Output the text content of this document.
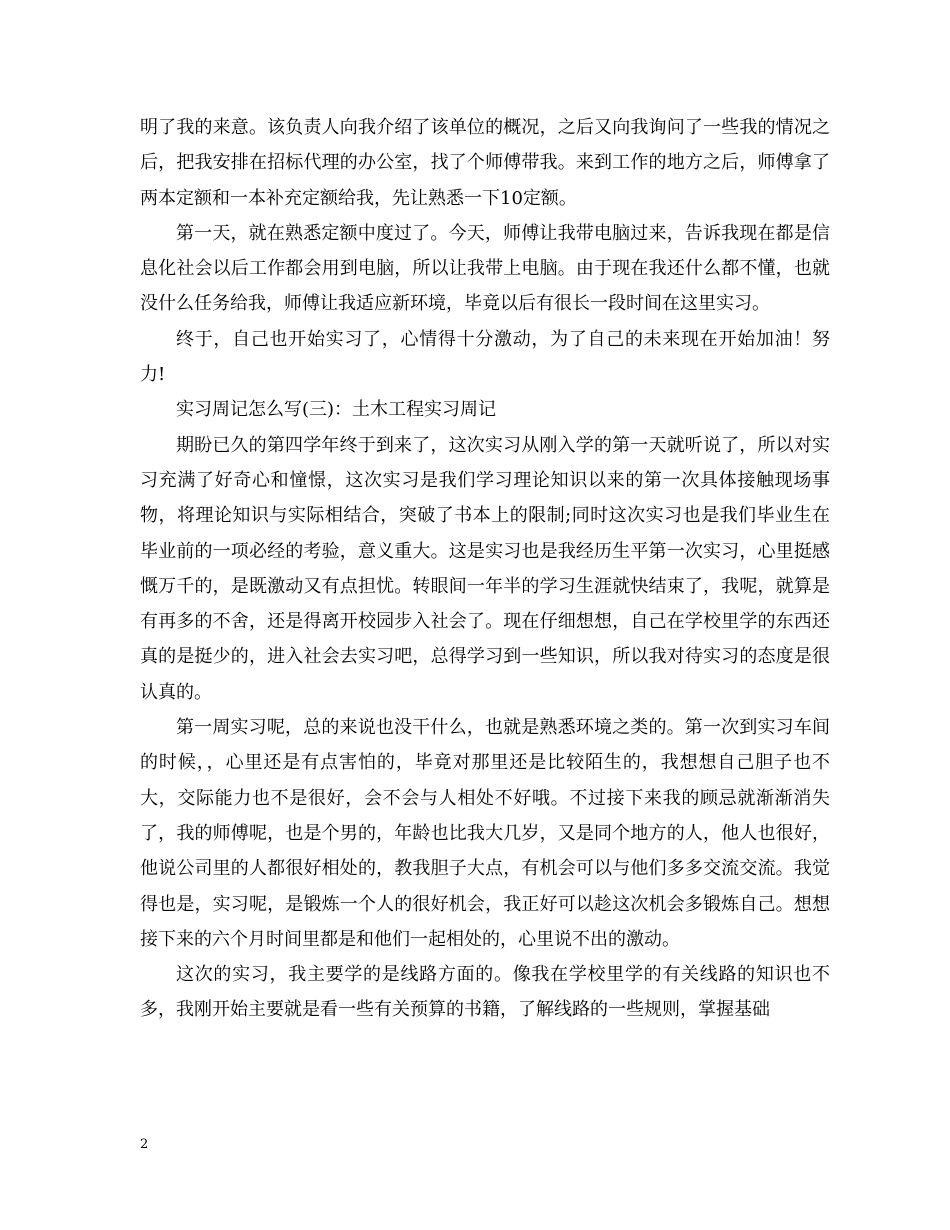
明了我的来意。该负责人向我介绍了该单位的概况，之后又向我询问了一些我的情况之后，把我安排在招标代理的办公室，找了个师傅带我。来到工作的地方之后，师傅拿了两本定额和一本补充定额给我，先让熟悉一下10定额。

第一天，就在熟悉定额中度过了。今天，师傅让我带电脑过来，告诉我现在都是信息化社会以后工作都会用到电脑，所以让我带上电脑。由于现在我还什么都不懂，也就没什么任务给我，师傅让我适应新环境，毕竟以后有很长一段时间在这里实习。

终于，自己也开始实习了，心情得十分激动，为了自己的未来现在开始加油！努力!

实习周记怎么写(三)：土木工程实习周记

期盼已久的第四学年终于到来了，这次实习从刚入学的第一天就听说了，所以对实习充满了好奇心和憧憬，这次实习是我们学习理论知识以来的第一次具体接触现场事物，将理论知识与实际相结合，突破了书本上的限制;同时这次实习也是我们毕业生在毕业前的一项必经的考验，意义重大。这是实习也是我经历生平第一次实习，心里挺感慨万千的，是既激动又有点担忧。转眼间一年半的学习生涯就快结束了，我呢，就算是有再多的不舍，还是得离开校园步入社会了。现在仔细想想，自己在学校里学的东西还真的是挺少的，进入社会去实习吧，总得学习到一些知识，所以我对待实习的态度是很认真的。

第一周实习呢，总的来说也没干什么，也就是熟悉环境之类的。第一次到实习车间的时候，，心里还是有点害怕的，毕竟对那里还是比较陌生的，我想想自己胆子也不大，交际能力也不是很好，会不会与人相处不好哦。不过接下来我的顾忌就渐渐消失了，我的师傅呢，也是个男的，年龄也比我大几岁，又是同个地方的人，他人也很好，他说公司里的人都很好相处的，教我胆子大点，有机会可以与他们多多交流交流。我觉得也是，实习呢，是锻炼一个人的很好机会，我正好可以趁这次机会多锻炼自己。想想接下来的六个月时间里都是和他们一起相处的，心里说不出的激动。

这次的实习，我主要学的是线路方面的。像我在学校里学的有关线路的知识也不多，我刚开始主要就是看一些有关预算的书籍，了解线路的一些规则，掌握基础

2
